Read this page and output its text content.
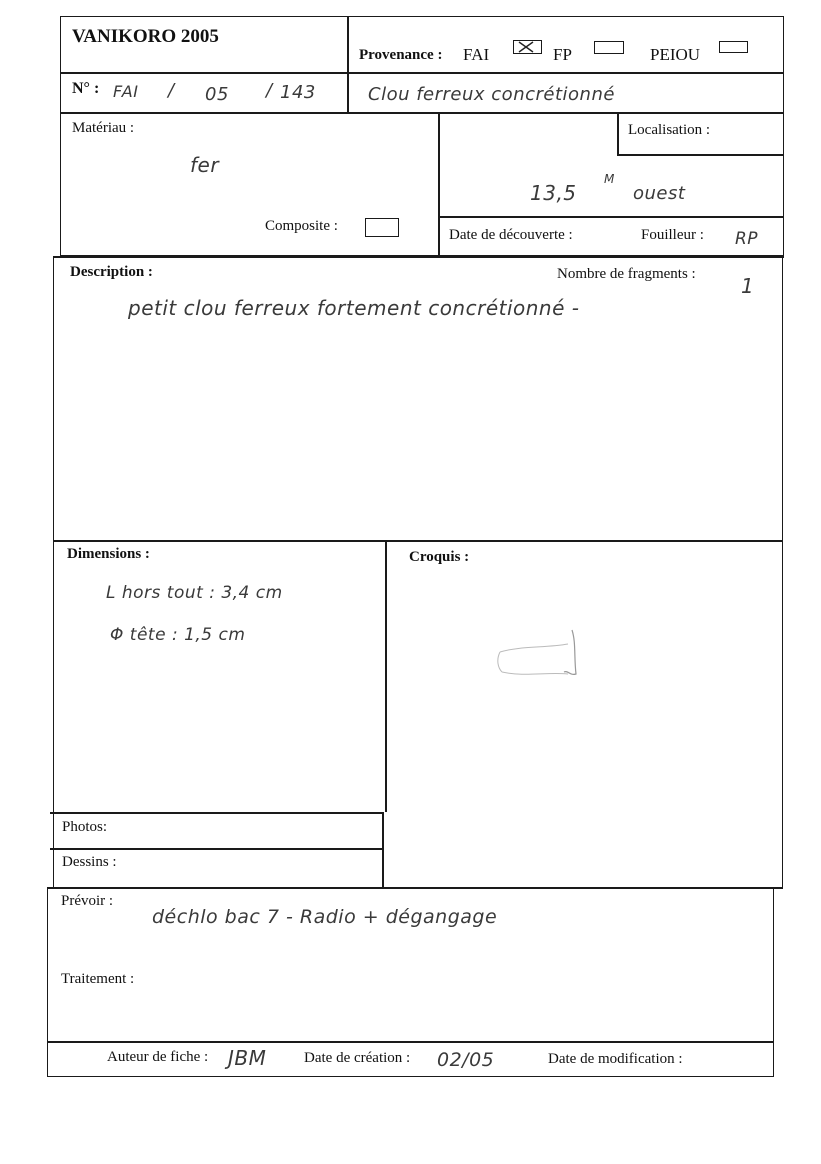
VANIKORO 2005
Provenance : FAI	FP	PEIOU
N° : FAI / 05 / 143	Clou ferreux concrétionné
Matériau :
fer
Composite :
Localisation :
13,5
M
ouest
Date de découverte :	Fouilleur : RP
Description :	Nombre de fragments : 1
petit clou ferreux fortement concrétionné -
Dimensions :
L hors tout : 3,4 cm
Φ tête : 1,5 cm
Croquis :
Photos:
Dessins :
Prévoir :
déchlo bac 7 - Radio + dégangage
Traitement :
Auteur de fiche : JBM	Date de création : 02/05	Date de modification :
